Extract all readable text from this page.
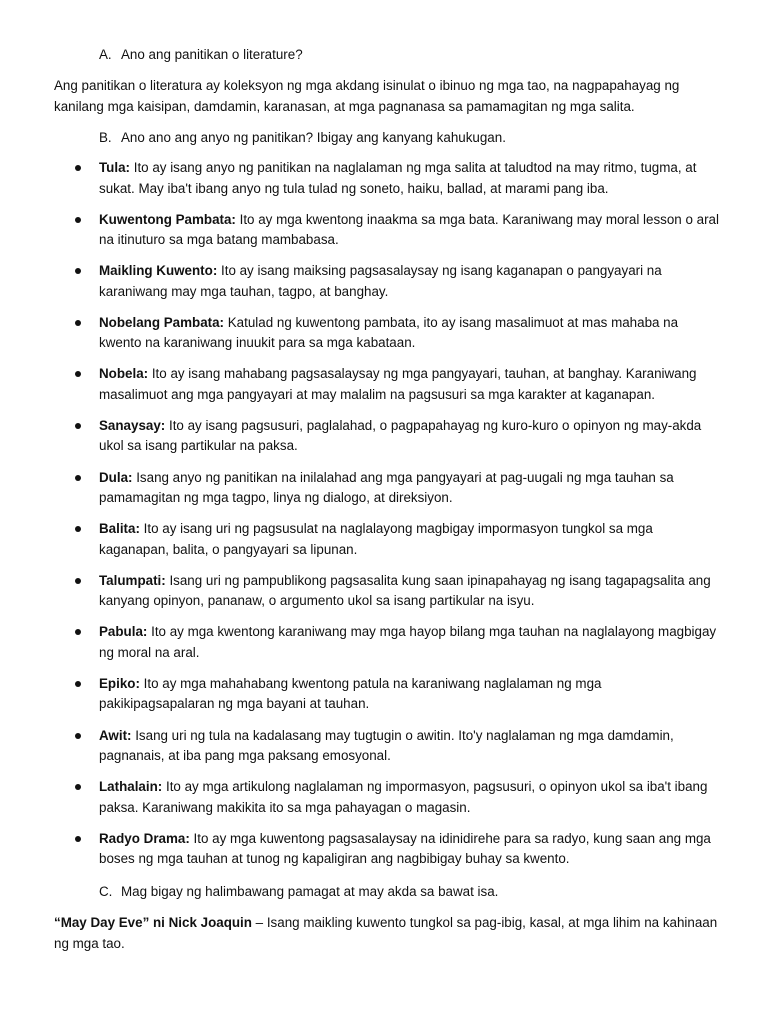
A. Ano ang panitikan o literature?
Ang panitikan o literatura ay koleksyon ng mga akdang isinulat o ibinuo ng mga tao, na nagpapahayag ng kanilang mga kaisipan, damdamin, karanasan, at mga pagnanasa sa pamamagitan ng mga salita.
B. Ano ano ang anyo ng panitikan? Ibigay ang kanyang kahukugan.
Tula: Ito ay isang anyo ng panitikan na naglalaman ng mga salita at taludtod na may ritmo, tugma, at sukat. May iba't ibang anyo ng tula tulad ng soneto, haiku, ballad, at marami pang iba.
Kuwentong Pambata: Ito ay mga kwentong inaakma sa mga bata. Karaniwang may moral lesson o aral na itinuturo sa mga batang mambabasa.
Maikling Kuwento: Ito ay isang maiksing pagsasalaysay ng isang kaganapan o pangyayari na karaniwang may mga tauhan, tagpo, at banghay.
Nobelang Pambata: Katulad ng kuwentong pambata, ito ay isang masalimuot at mas mahaba na kwento na karaniwang inuukit para sa mga kabataan.
Nobela: Ito ay isang mahabang pagsasalaysay ng mga pangyayari, tauhan, at banghay. Karaniwang masalimuot ang mga pangyayari at may malalim na pagsusuri sa mga karakter at kaganapan.
Sanaysay: Ito ay isang pagsusuri, paglalahad, o pagpapahayag ng kuro-kuro o opinyon ng may-akda ukol sa isang partikular na paksa.
Dula: Isang anyo ng panitikan na inilalahad ang mga pangyayari at pag-uugali ng mga tauhan sa pamamagitan ng mga tagpo, linya ng dialogo, at direksiyon.
Balita: Ito ay isang uri ng pagsusulat na naglalayong magbigay impormasyon tungkol sa mga kaganapan, balita, o pangyayari sa lipunan.
Talumpati: Isang uri ng pampublikong pagsasalita kung saan ipinapahayag ng isang tagapagsalita ang kanyang opinyon, pananaw, o argumento ukol sa isang partikular na isyu.
Pabula: Ito ay mga kwentong karaniwang may mga hayop bilang mga tauhan na naglalayong magbigay ng moral na aral.
Epiko: Ito ay mga mahahabang kwentong patula na karaniwang naglalaman ng mga pakikipagsapalaran ng mga bayani at tauhan.
Awit: Isang uri ng tula na kadalasang may tugtugin o awitin. Ito'y naglalaman ng mga damdamin, pagnanais, at iba pang mga paksang emosyonal.
Lathalain: Ito ay mga artikulong naglalaman ng impormasyon, pagsusuri, o opinyon ukol sa iba't ibang paksa. Karaniwang makikita ito sa mga pahayagan o magasin.
Radyo Drama: Ito ay mga kuwentong pagsasalaysay na idinidirehe para sa radyo, kung saan ang mga boses ng mga tauhan at tunog ng kapaligiran ang nagbibigay buhay sa kwento.
C. Mag bigay ng halimbawang pamagat at may akda sa bawat isa.
“May Day Eve” ni Nick Joaquin – Isang maikling kuwento tungkol sa pag-ibig, kasal, at mga lihim na kahinaan ng mga tao.
